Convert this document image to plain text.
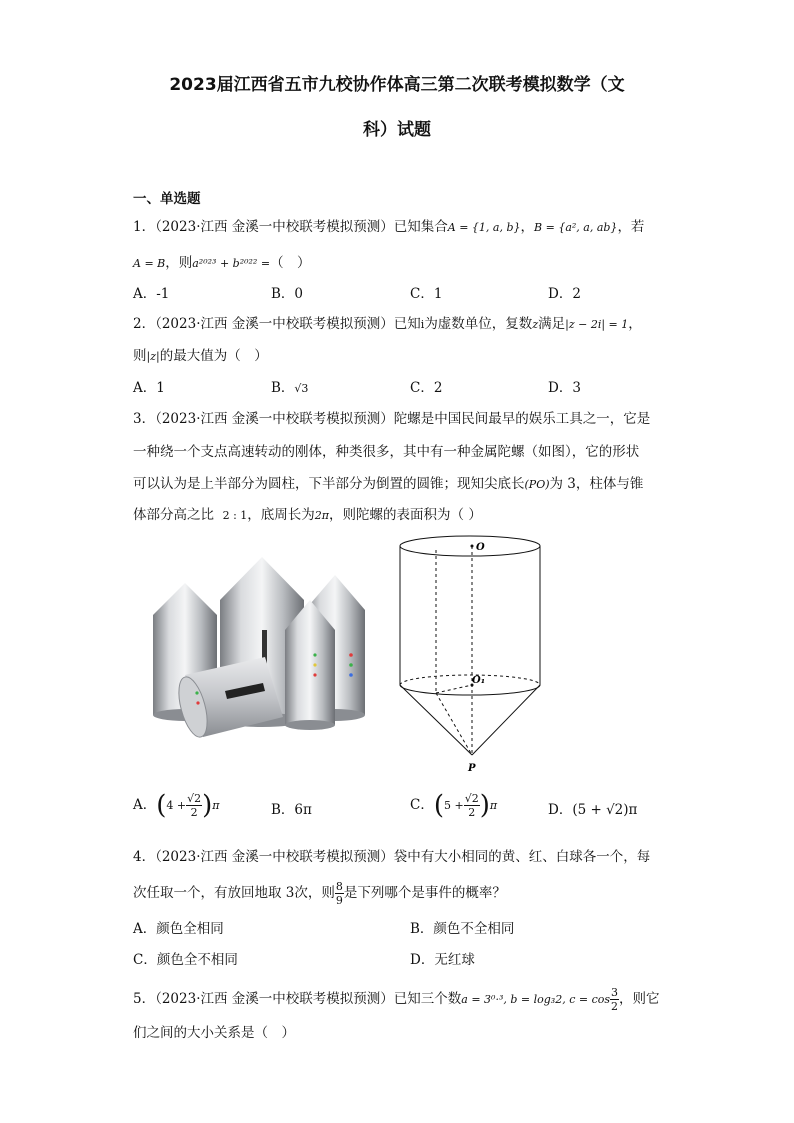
2023届江西省五市九校协作体高三第二次联考模拟数学（文
科）试题
一、单选题
1．（2023·江西 金溪一中校联考模拟预测）已知集合A = {1, a, b}，B = {a², a, ab}，若
A = B，则a²⁰²³ + b²⁰²² =（　）
A．-1	B．0	C．1	D．2
2．（2023·江西 金溪一中校联考模拟预测）已知i为虚数单位，复数z满足|z − 2i| = 1，
则|z|的最大值为（　）
A．1	B．√3	C．2	D．3
3．（2023·江西 金溪一中校联考模拟预测）陀螺是中国民间最早的娱乐工具之一，它是
一种绕一个支点高速转动的刚体，种类很多，其中有一种金属陀螺（如图），它的形状
可以认为是上半部分为圆柱，下半部分为倒置的圆锥；现知尖底长(PO)为 3，柱体与锥
体部分高之比 2 : 1，底周长为2π，则陀螺的表面积为（ ）
O
O₁
P
A．$(4 + \frac{√2}{2} )\pi$	B．6π	C．$(5 + \frac{√2}{2} )\pi$	D．(5 + √2)π
4．（2023·江西 金溪一中校联考模拟预测）袋中有大小相同的黄、红、白球各一个，每
次任取一个，有放回地取 3次，则 $\frac{8}{9}$ 是下列哪个是事件的概率？
A．颜色全相同	B．颜色不全相同
C．颜色全不相同	D．无红球
5．（2023·江西 金溪一中校联考模拟预测）已知三个数a = 3⁰·³, b = log₃2, $c = \cos \frac{3}{2}$ ，则它
们之间的大小关系是（　）
